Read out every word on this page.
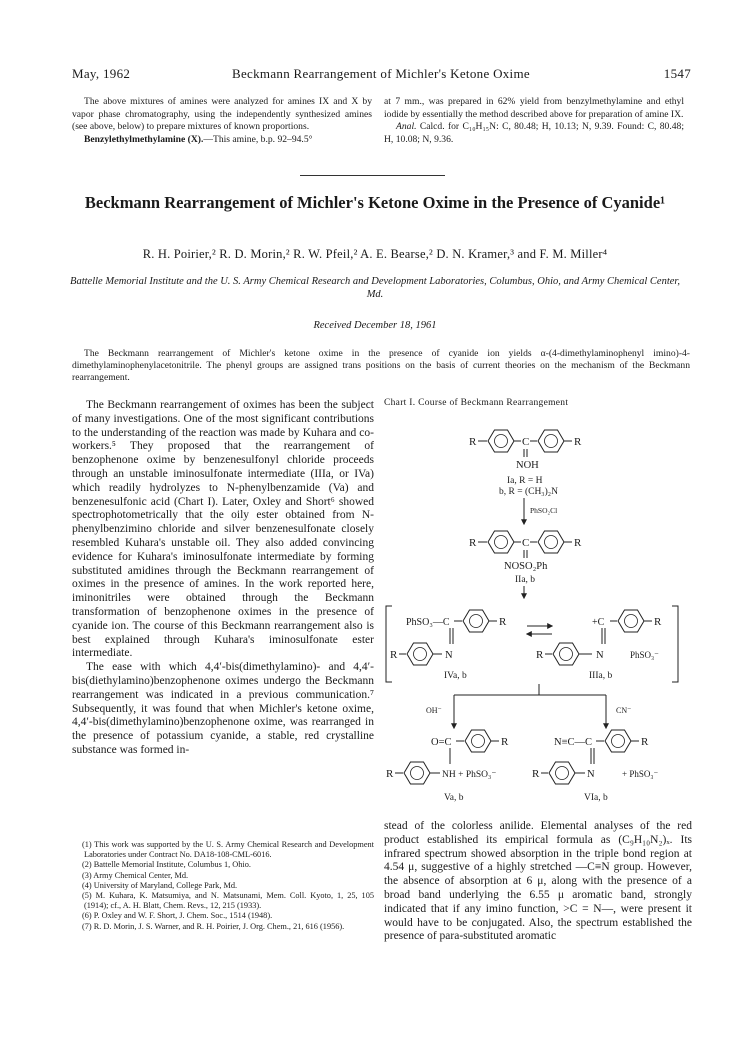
May, 1962	Beckmann Rearrangement of Michler's Ketone Oxime	1547

The above mixtures of amines were analyzed for amines IX and X by vapor phase chromatography, using the independently synthesized amines (see above, below) to prepare mixtures of known proportions.

Benzylethylmethylamine (X).—This amine, b.p. 92–94.5°

at 7 mm., was prepared in 62% yield from benzylmethylamine and ethyl iodide by essentially the method described above for preparation of amine IX.

Anal. Calcd. for C₁₀H₁₅N: C, 80.48; H, 10.13; N, 9.39. Found: C, 80.48; H, 10.08; N, 9.36.

Beckmann Rearrangement of Michler's Ketone Oxime in the Presence of Cyanide¹
R. H. Poirier,² R. D. Morin,² R. W. Pfeil,² A. E. Bearse,² D. N. Kramer,³ and F. M. Miller⁴
Battelle Memorial Institute and the U. S. Army Chemical Research and Development Laboratories, Columbus, Ohio, and Army Chemical Center, Md.
Received December 18, 1961

The Beckmann rearrangement of Michler's ketone oxime in the presence of cyanide ion yields α-(4-dimethylaminophenyl imino)-4-dimethylaminophenylacetonitrile. The phenyl groups are assigned trans positions on the basis of current theories on the mechanism of the Beckmann rearrangement.

The Beckmann rearrangement of oximes has been the subject of many investigations. One of the most significant contributions to the understanding of the reaction was made by Kuhara and co-workers.⁵ They proposed that the rearrangement of benzophenone oxime by benzenesulfonyl chloride proceeds through an unstable iminosulfonate intermediate (IIIa, or IVa) which readily hydrolyzes to N-phenylbenzamide (Va) and benzenesulfonic acid (Chart I). Later, Oxley and Short⁶ showed spectrophotometrically that the oily ester obtained from N-phenylbenzimino chloride and silver benzenesulfonate closely resembled Kuhara's unstable oil. They also added convincing evidence for Kuhara's iminosulfonate intermediate by forming substituted amidines through the Beckmann rearrangement of oximes in the presence of amines. In the work reported here, iminonitriles were obtained through the Beckmann transformation of benzophenone oximes in the presence of cyanide ion. The course of this Beckmann rearrangement also is best explained through Kuhara's iminosulfonate ester intermediate.

The ease with which 4,4′-bis(dimethylamino)- and 4,4′-bis(diethylamino)benzophenone oximes undergo the Beckmann rearrangement was indicated in a previous communication.⁷ Subsequently, it was found that when Michler's ketone oxime, 4,4′-bis(dimethylamino)benzophenone oxime, was rearranged in the presence of potassium cyanide, a stable, red crystalline substance was formed in-

(1) This work was supported by the U. S. Army Chemical Research and Development Laboratories under Contract No. DA18-108-CML-6016.

(2) Battelle Memorial Institute, Columbus 1, Ohio.

(3) Army Chemical Center, Md.

(4) University of Maryland, College Park, Md.

(5) M. Kuhara, K. Matsumiya, and N. Matsunami, Mem. Coll. Kyoto, 1, 25, 105 (1914); cf., A. H. Blatt, Chem. Revs., 12, 215 (1933).

(6) P. Oxley and W. F. Short, J. Chem. Soc., 1514 (1948).

(7) R. D. Morin, J. S. Warner, and R. H. Poirier, J. Org. Chem., 21, 616 (1956).

Chart I. Course of Beckmann Rearrangement
R	C	R
NOH
Ia, R = H
b, R = (CH₃)₂N
PhSO₂Cl
R	C	R
NOSO₂Ph
IIa, b
PhSO₃—C	R
R	N
IVa, b
+C	R
R	N	PhSO₃⁻
IIIa, b
OH⁻	CN⁻
O=C	R
R	NH + PhSO₃⁻
Va, b
N≡C—C	R
R	N	+ PhSO₃⁻
VIa, b

stead of the colorless anilide. Elemental analyses of the red product established its empirical formula as (C₉H₁₀N₂)ₓ. Its infrared spectrum showed absorption in the triple bond region at 4.54 μ, suggestive of a highly stretched —C≡N group. However, the absence of absorption at 6 μ, along with the presence of a broad band underlying the 6.55 μ aromatic band, strongly indicated that if any imino function, >C = N—, were present it would have to be conjugated. Also, the spectrum established the presence of para-substituted aromatic
